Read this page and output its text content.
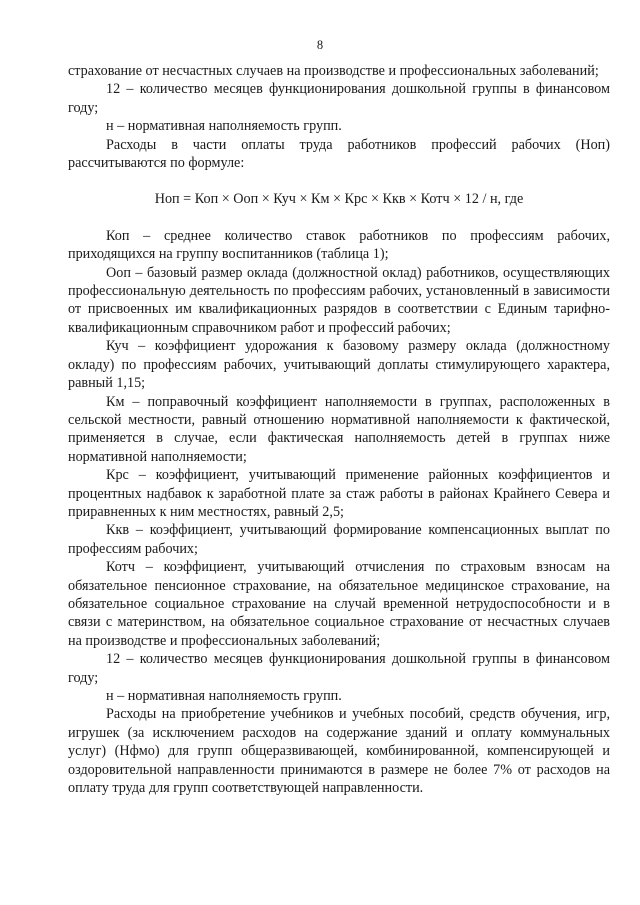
8

страхование от несчастных случаев на производстве и профессиональных заболеваний;

12 – количество месяцев функционирования дошкольной группы в финансовом году;

н – нормативная наполняемость групп.

Расходы в части оплаты труда работников профессий рабочих (Ноп) рассчитываются по формуле:

Ноп = Коп × Ооп × Куч × Км × Крс × Ккв × Котч × 12 / н, где

Коп – среднее количество ставок работников по профессиям рабочих, приходящихся на группу воспитанников (таблица 1);

Ооп – базовый размер оклада (должностной оклад) работников, осуществляющих профессиональную деятельность по профессиям рабочих, установленный в зависимости от присвоенных им квалификационных разрядов в соответствии с Единым тарифно-квалификационным справочником работ и профессий рабочих;

Куч – коэффициент удорожания к базовому размеру оклада (должностному окладу) по профессиям рабочих, учитывающий доплаты стимулирующего характера, равный 1,15;

Км – поправочный коэффициент наполняемости в группах, расположенных в сельской местности, равный отношению нормативной наполняемости к фактической, применяется в случае, если фактическая наполняемость детей в группах ниже нормативной наполняемости;

Крс – коэффициент, учитывающий применение районных коэффициентов и процентных надбавок к заработной плате за стаж работы в районах Крайнего Севера и приравненных к ним местностях, равный 2,5;

Ккв – коэффициент, учитывающий формирование компенсационных выплат по профессиям рабочих;

Котч – коэффициент, учитывающий отчисления по страховым взносам на обязательное пенсионное страхование, на обязательное медицинское страхование, на обязательное социальное страхование на случай временной нетрудоспособности и в связи с материнством, на обязательное социальное страхование от несчастных случаев на производстве и профессиональных заболеваний;

12 – количество месяцев функционирования дошкольной группы в финансовом году;

н – нормативная наполняемость групп.

Расходы на приобретение учебников и учебных пособий, средств обучения, игр, игрушек (за исключением расходов на содержание зданий и оплату коммунальных услуг) (Нфмо) для групп общеразвивающей, комбинированной, компенсирующей и оздоровительной направленности принимаются в размере не более 7% от расходов на оплату труда для групп соответствующей направленности.
